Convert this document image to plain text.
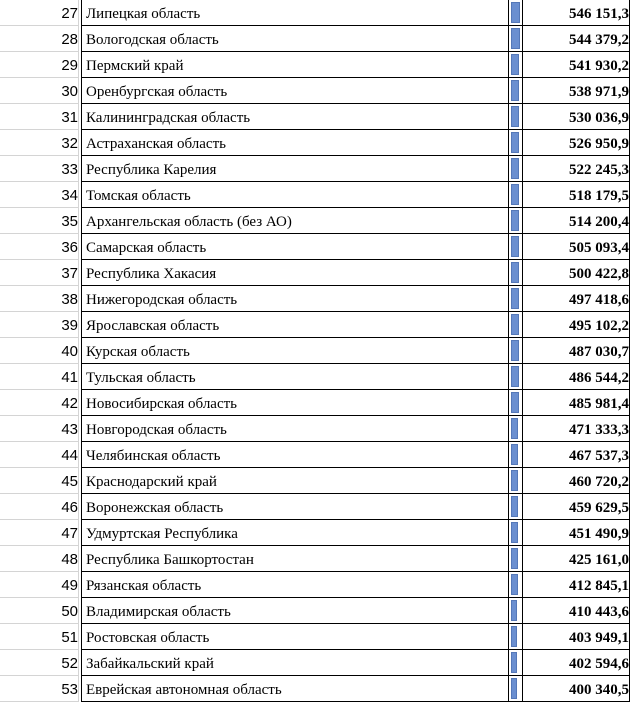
27 Липецкая область	546 151,3
28 Вологодская область	544 379,2
29 Пермский край	541 930,2
30 Оренбургская область	538 971,9
31 Калининградская область	530 036,9
32 Астраханская область	526 950,9
33 Республика Карелия	522 245,3
34 Томская область	518 179,5
35 Архангельская область (без АО)	514 200,4
36 Самарская область	505 093,4
37 Республика Хакасия	500 422,8
38 Нижегородская область	497 418,6
39 Ярославская область	495 102,2
40 Курская область	487 030,7
41 Тульская область	486 544,2
42 Новосибирская область	485 981,4
43 Новгородская область	471 333,3
44 Челябинская область	467 537,3
45 Краснодарский край	460 720,2
46 Воронежская область	459 629,5
47 Удмуртская Республика	451 490,9
48 Республика Башкортостан	425 161,0
49 Рязанская область	412 845,1
50 Владимирская область	410 443,6
51 Ростовская область	403 949,1
52 Забайкальский край	402 594,6
53 Еврейская автономная область	400 340,5
